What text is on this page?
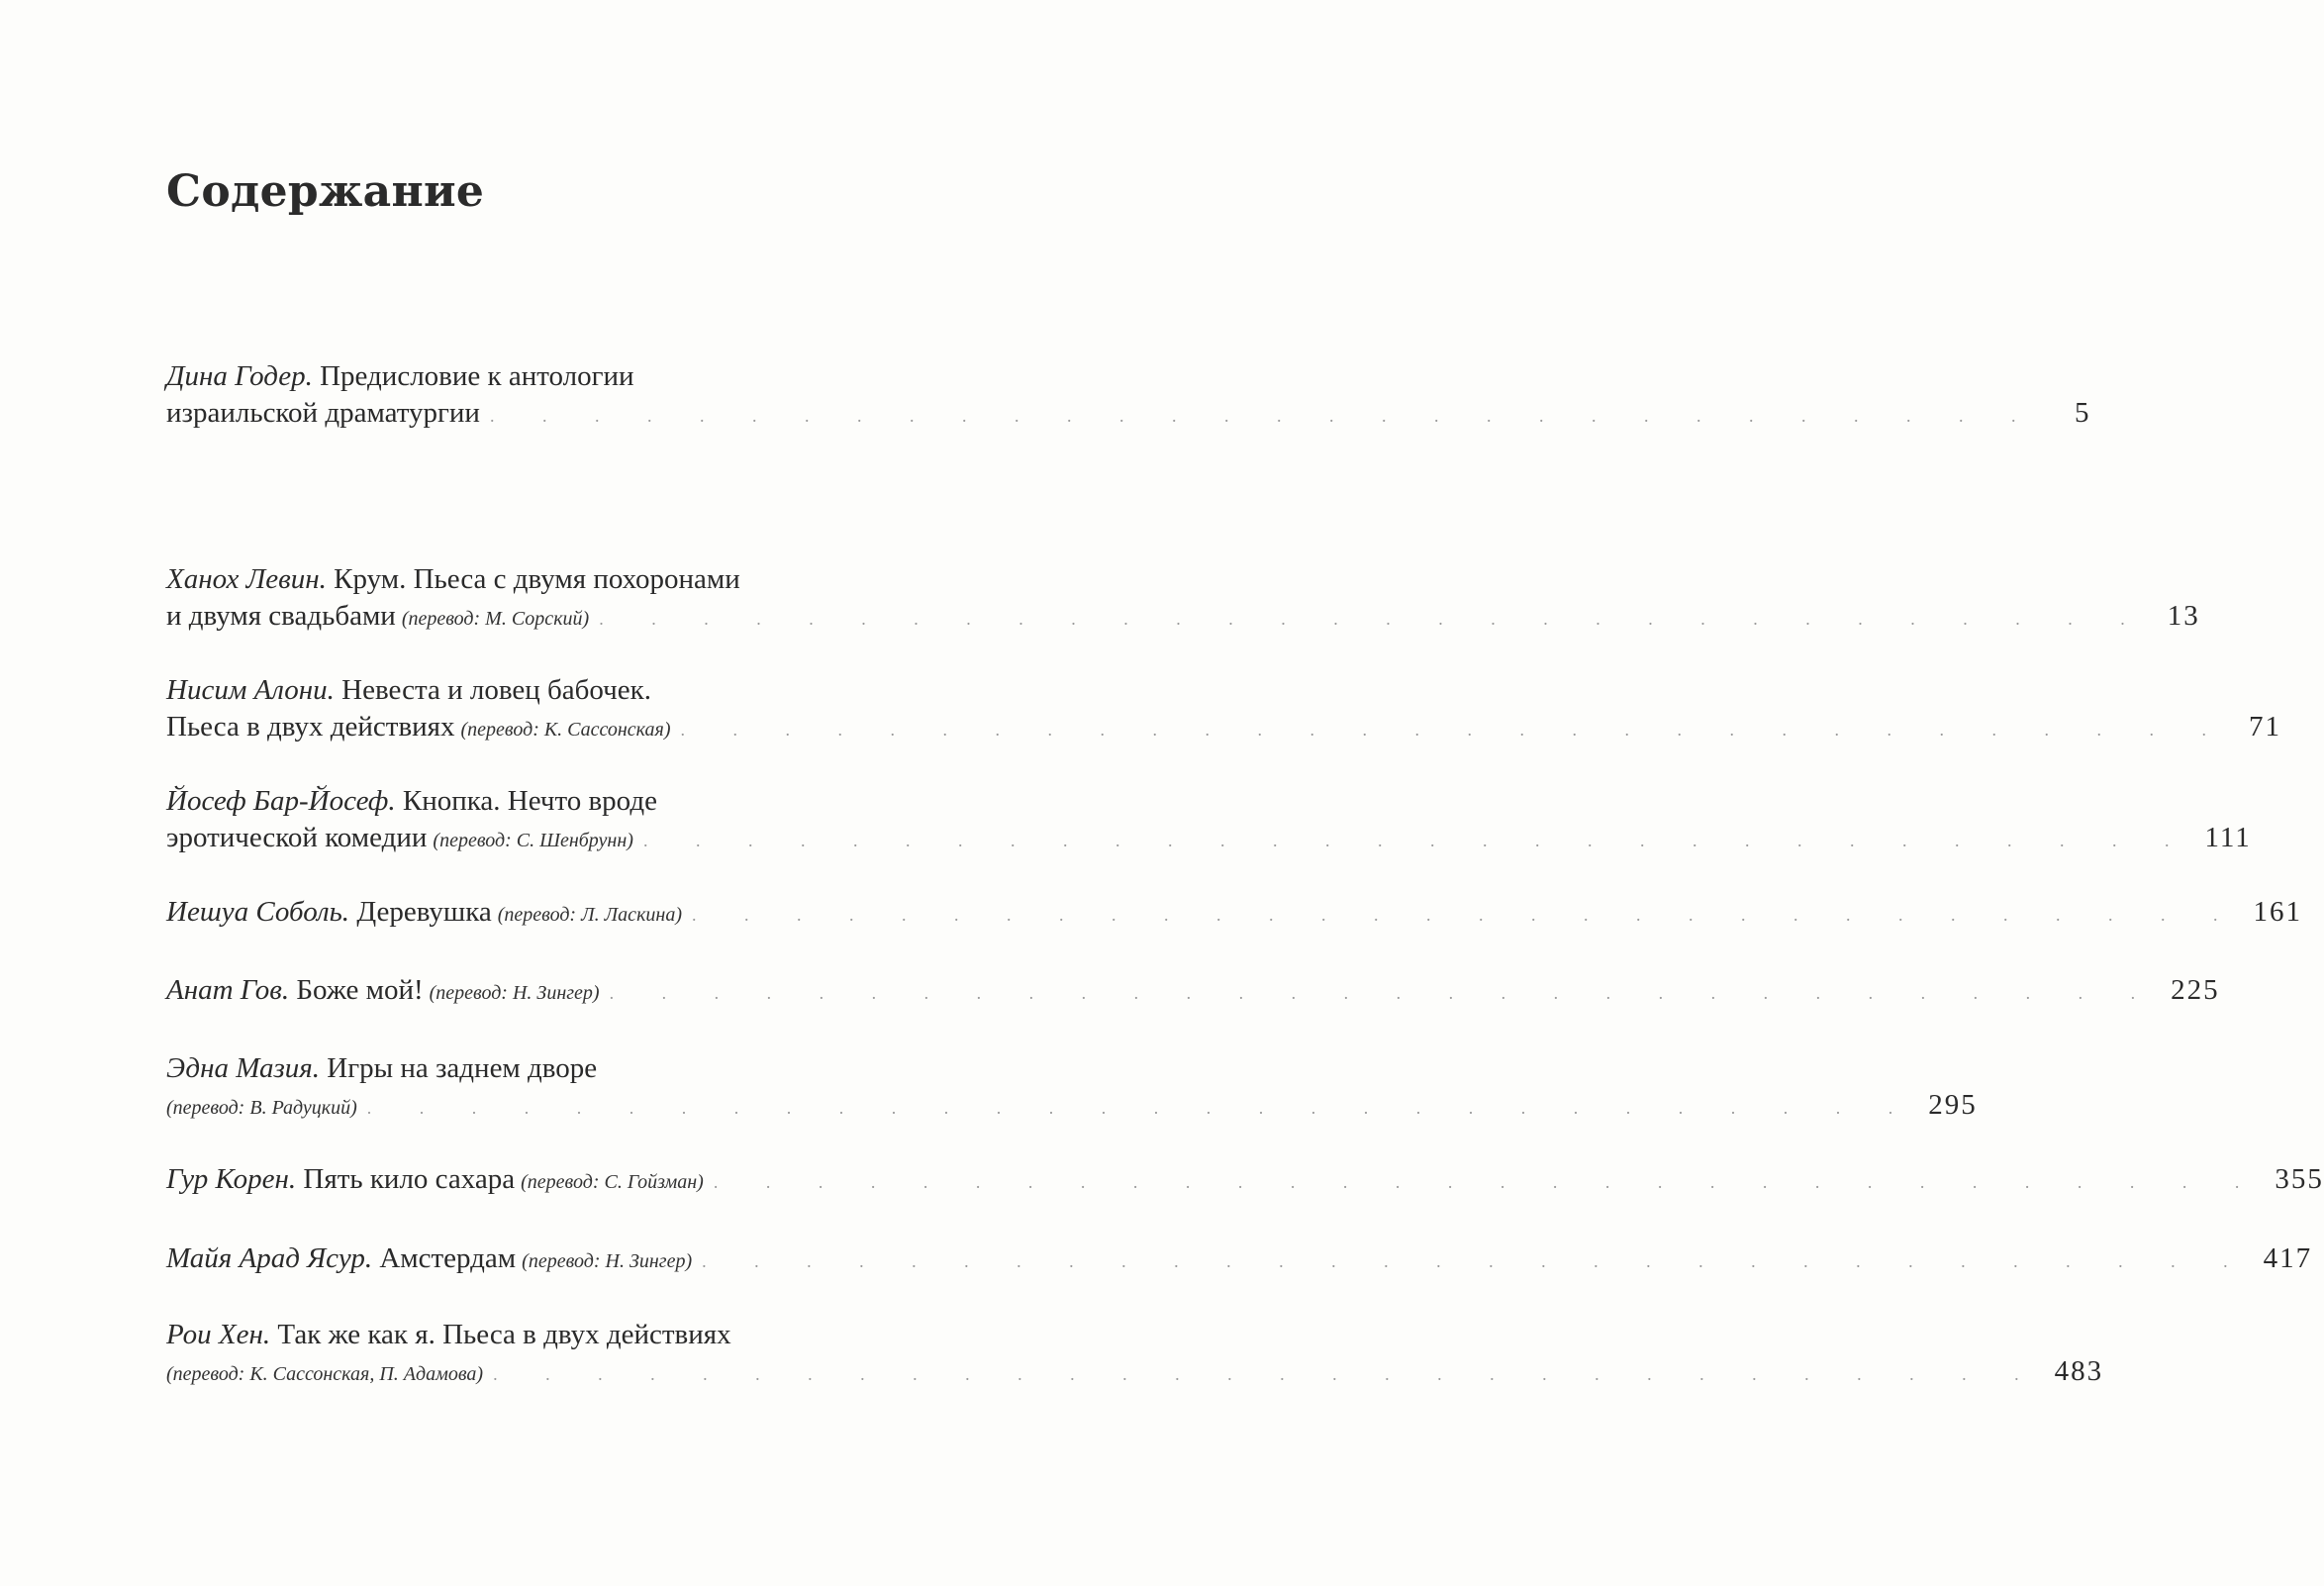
Содержание
Дина Годер.
Предисловие к антологии
израильской драматургии . . . . . . . . . . . . . . . . . . . . . . . . . . . . . .	5
Ханох Левин.
Крум. Пьеса с двумя похоронами
и двумя свадьбами (перевод: М. Сорский) . . . . . . . . . . . . . . . . . . . . . . . . . . . . . . 13
Нисим Алони.
Невеста и ловец бабочек.
Пьеса в двух действиях (перевод: К. Сассонская) . . . . . . . . . . . . . . . . . . . . . . . . . . . . . . 71
Йосеф Бар-Йосеф.
Кнопка. Нечто вроде
эротической комедии (перевод: С. Шенбрунн) . . . . . . . . . . . . . . . . . . . . . . . . . . . . . . 111
Иешуа Соболь.
Деревушка (перевод: Л. Ласкина) . . . . . . . . . . . . . . . . . . . . . . . . . . . . . . 161
Анат Гов.
Боже мой! (перевод: Н. Зингер) . . . . . . . . . . . . . . . . . . . . . . . . . . . . . . 225
Эдна Мазия.
Игры на заднем дворе
(перевод: В. Радуцкий) . . . . . . . . . . . . . . . . . . . . . . . . . . . . . . 295
Гур Корен.
Пять кило сахара (перевод: С. Гойзман) . . . . . . . . . . . . . . . . . . . . . . . . . . . . . . 355
Майя Арад Ясур.
Амстердам (перевод: Н. Зингер) . . . . . . . . . . . . . . . . . . . . . . . . . . . . . . 417
Рои Хен.
Так же как я. Пьеса в двух действиях
(перевод: К. Сассонская, П. Адамова) . . . . . . . . . . . . . . . . . . . . . . . . . . . . . . 483
